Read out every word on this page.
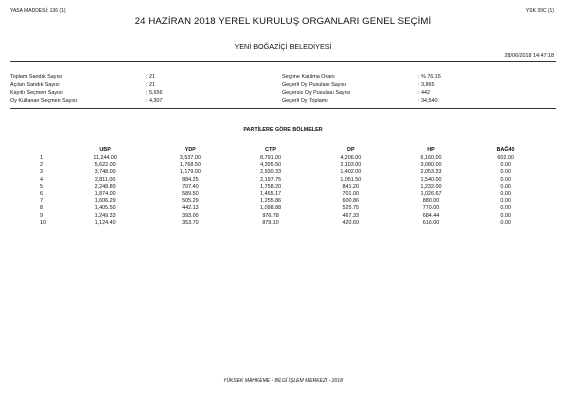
YASA MADDESİ: 136 (1)	YSK 39C (1)
24 HAZİRAN 2018 YEREL KURULUŞ ORGANLARI GENEL SEÇİMİ
YENİ BOĞAZİÇİ BELEDİYESİ
28/06/2018 14:47:18
Toplam Sandık Sayısı	: 21
Açılan Sandık Sayısı	: 21
Kayıtlı Seçmen Sayısı	: 5,656
Oy Kullanan Seçmen Sayısı	: 4,307
Seçime Katılma Oranı	: % 76.15
Geçerli Oy Pusulası Sayısı	: 3,865
Geçersiz Oy Pusulası Sayısı	: 442
Geçerli Oy Toplamı	: 34,540
PARTİLERE GÖRE BÖLMELER
	UBP	YDP	CTP	DP	HP	BAĞ40
1	11,244.00	3,537.00	8,791.00	4,206.00	6,160.00	602.00
2	5,622.00	1,768.50	4,395.50	2,103.00	3,080.00	0.00
3	3,748.00	1,179.00	2,930.33	1,402.00	2,053.33	0.00
4	2,811.00	884.25	2,197.75	1,051.50	1,540.00	0.00
5	2,248.80	707.40	1,758.20	841.20	1,232.00	0.00
6	1,874.00	589.50	1,465.17	701.00	1,026.67	0.00
7	1,606.29	505.29	1,255.86	600.86	880.00	0.00
8	1,405.50	442.13	1,098.88	525.75	770.00	0.00
9	1,249.33	393.00	976.78	467.33	684.44	0.00
10	1,124.40	353.70	879.10	420.60	616.00	0.00
YÜKSEK MAHKEME - BİLGİ İŞLEM MERKEZİ - 2018
